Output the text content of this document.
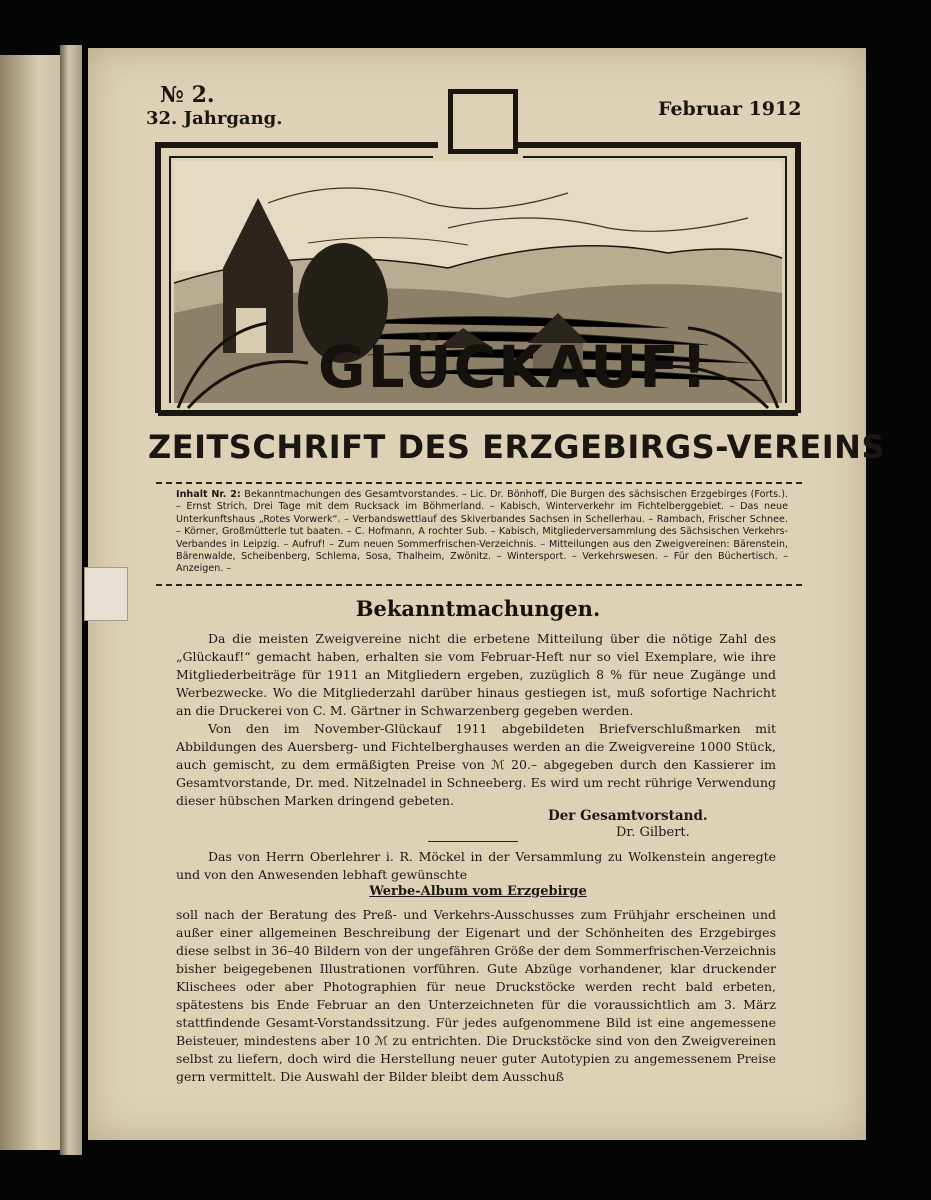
№ 2.
32. Jahrgang.	Februar 1912
GLÜCKAUF!
ZEITSCHRIFT DES ERZGEBIRGS-VEREINS
Inhalt Nr. 2: Bekanntmachungen des Gesamtvorstandes. – Lic. Dr. Bönhoff, Die Burgen des sächsischen Erzgebirges (Forts.). – Ernst Strich, Drei Tage mit dem Rucksack im Böhmerland. – Kabisch, Winterverkehr im Fichtelberggebiet. – Das neue Unterkunftshaus „Rotes Vorwerk“. – Verbandswettlauf des Skiverbandes Sachsen in Schellerhau. – Rambach, Frischer Schnee. – Körner, Großmütterle tut baaten. – C. Hofmann, A rochter Sub. – Kabisch, Mitgliederversammlung des Sächsischen Verkehrs-Verbandes in Leipzig. – Aufruf! – Zum neuen Sommerfrischen-Verzeichnis. – Mitteilungen aus den Zweigvereinen: Bärenstein, Bärenwalde, Scheibenberg, Schlema, Sosa, Thalheim, Zwönitz. – Wintersport. – Verkehrswesen. – Für den Büchertisch. – Anzeigen. –
Bekanntmachungen.

Da die meisten Zweigvereine nicht die erbetene Mitteilung über die nötige Zahl des „Glückauf!“ gemacht haben, erhalten sie vom Februar-Heft nur so viel Exemplare, wie ihre Mitgliederbeiträge für 1911 an Mitgliedern ergeben, zuzüglich 8 % für neue Zugänge und Werbezwecke. Wo die Mitgliederzahl darüber hinaus gestiegen ist, muß sofortige Nachricht an die Druckerei von C. M. Gärtner in Schwarzenberg gegeben werden.

Von den im November-Glückauf 1911 abgebildeten Briefverschlußmarken mit Abbildungen des Auersberg- und Fichtelberghauses werden an die Zweigvereine 1000 Stück, auch gemischt, zu dem ermäßigten Preise von ℳ 20.– abgegeben durch den Kassierer im Gesamtvorstande, Dr. med. Nitzelnadel in Schneeberg. Es wird um recht rührige Verwendung dieser hübschen Marken dringend gebeten.

Der Gesamtvorstand.
Dr. Gilbert.

Das von Herrn Oberlehrer i. R. Möckel in der Versammlung zu Wolkenstein angeregte und von den Anwesenden lebhaft gewünschte

Werbe-Album vom Erzgebirge

soll nach der Beratung des Preß- und Verkehrs-Ausschusses zum Frühjahr erscheinen und außer einer allgemeinen Beschreibung der Eigenart und der Schönheiten des Erzgebirges diese selbst in 36–40 Bildern von der ungefähren Größe der dem Sommerfrischen-Verzeichnis bisher beigegebenen Illustrationen vorführen. Gute Abzüge vorhandener, klar druckender Klischees oder aber Photographien für neue Druckstöcke werden recht bald erbeten, spätestens bis Ende Februar an den Unterzeichneten für die voraussichtlich am 3. März stattfindende Gesamt-Vorstandssitzung. Für jedes aufgenommene Bild ist eine angemessene Beisteuer, mindestens aber 10 ℳ zu entrichten. Die Druckstöcke sind von den Zweigvereinen selbst zu liefern, doch wird die Herstellung neuer guter Autotypien zu angemessenem Preise gern vermittelt. Die Auswahl der Bilder bleibt dem Ausschuß
